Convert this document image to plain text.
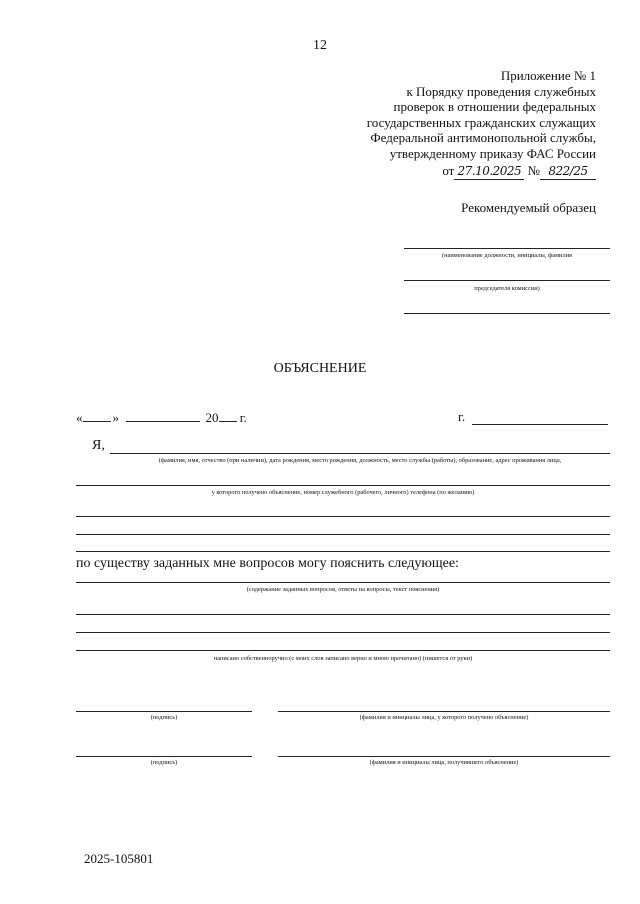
12
Приложение № 1
к Порядку проведения служебных
проверок в отношении федеральных
государственных гражданских служащих
Федеральной антимонопольной службы,
утвержденному приказу ФАС России
от 27.10.2025 № 822/25
Рекомендуемый образец
(наименование должности, инициалы, фамилия
председателя комиссии)
ОБЪЯСНЕНИЕ
« »	20 г.	г.
Я,
(фамилия, имя, отчество (при наличии), дата рождения, место рождения, должность, место службы (работы), образование, адрес проживания лица,
у которого получено объяснение, номер служебного (рабочего, личного) телефона (по желанию)
по существу заданных мне вопросов могу пояснить следующее:
(содержание заданных вопросов, ответы на вопросы, текст пояснения)
написано собственноручно (с моих слов записано верно и мною прочитано) (пишется от руки)
(подпись)	(фамилия и инициалы лица, у которого получено объяснение)
(подпись)	(фамилия и инициалы лица, получившего объяснение)
2025-105801
